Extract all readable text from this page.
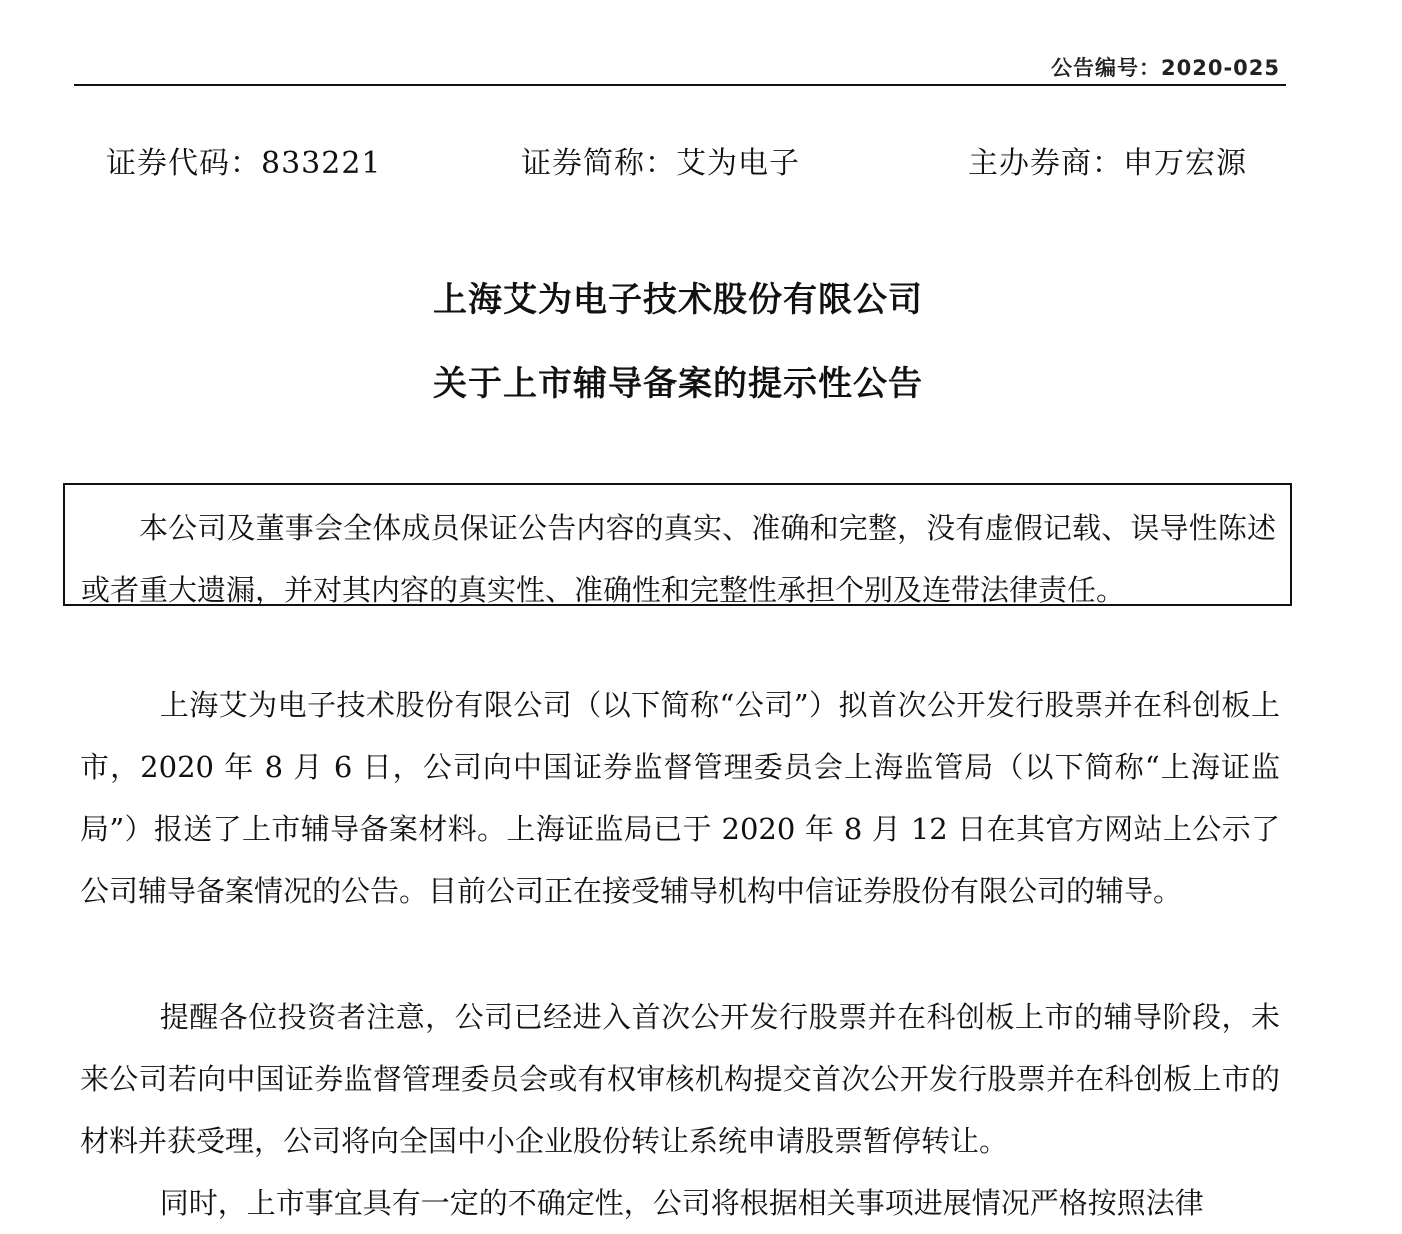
公告编号：2020-025
证券代码：833221	证券简称：艾为电子	主办券商：申万宏源
上海艾为电子技术股份有限公司
关于上市辅导备案的提示性公告

本公司及董事会全体成员保证公告内容的真实、准确和完整，没有虚假记载、误导性陈述或者重大遗漏，并对其内容的真实性、准确性和完整性承担个别及连带法律责任。

上海艾为电子技术股份有限公司（以下简称“公司”）拟首次公开发行股票并在科创板上市，2020 年 8 月 6 日，公司向中国证券监督管理委员会上海监管局（以下简称“上海证监局”）报送了上市辅导备案材料。上海证监局已于 2020 年 8 月 12 日在其官方网站上公示了公司辅导备案情况的公告。目前公司正在接受辅导机构中信证券股份有限公司的辅导。

提醒各位投资者注意，公司已经进入首次公开发行股票并在科创板上市的辅导阶段，未来公司若向中国证券监督管理委员会或有权审核机构提交首次公开发行股票并在科创板上市的材料并获受理，公司将向全国中小企业股份转让系统申请股票暂停转让。

同时，上市事宜具有一定的不确定性，公司将根据相关事项进展情况严格按照法律
